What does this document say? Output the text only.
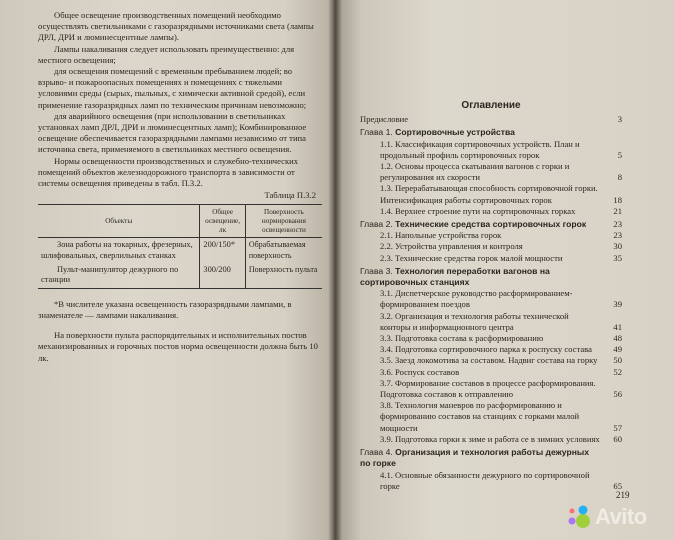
Общее освещение производственных помещений необходимо осуществлять светильниками с газоразрядными источниками света (лампы ДРЛ, ДРИ и люминесцентные лампы).

Лампы накаливания следует использовать преимущественно: для местного освещения;

для освещения помещений с временным пребыванием людей; во взрыво- и пожароопасных помещениях и помещениях с тяжелыми условиями среды (сырых, пыльных, с химически активной средой), если применение газоразрядных ламп по техническим причинам невозможно;

для аварийного освещения (при использовании в светильниках установках ламп ДРЛ, ДРИ и люминесцентных ламп); Комбинированное освещение обеспечивается газоразрядными лампами независимо от типа источника света, применяемого в светильниках местного освещения.

Нормы освещенности производственных и служебно-технических помещений объектов железнодорожного транспорта в зависимости от системы освещения приведены в табл. П.3.2.

Таблица П.3.2

Объекты	Общее освещение, лк	Поверхность нормирования освещенности
Зона работы на токарных, фрезерных, шлифовальных, сверлильных станках	200/150*	Обрабатываемая поверхность
Пульт-манипулятор дежурного по станции	300/200	Поверхность пульта

*В числителе указана освещенность газоразрядными лампами, в знаменателе — лампами накаливания.

На поверхности пульта распорядительных и исполнительных постов механизированных и горочных постов норма освещенности должна быть 10 лк.

Оглавление
Предисловие	3
Глава 1. Сортировочные устройства
1.1. Классификация сортировочных устройств. План и продольный профиль сортировочных горок	5
1.2. Основы процесса скатывания вагонов с горки и регулирования их скорости	8
1.3. Перерабатывающая способность сортировочной горки. Интенсификация работы сортировочных горок	18
1.4. Верхнее строение пути на сортировочных горках	21
Глава 2. Технические средства сортировочных горок	23
2.1. Напольные устройства горок	23
2.2. Устройства управления и контроля	30
2.3. Технические средства горок малой мощности	35
Глава 3. Технология переработки вагонов на сортировочных станциях
3.1. Диспетчерское руководство расформированием-формированием поездов	39
3.2. Организация и технология работы технической конторы и информационного центра	41
3.3. Подготовка состава к расформированию	48
3.4. Подготовка сортировочного парка к роспуску состава	49
3.5. Заезд локомотива за составом. Надвиг состава на горку	50
3.6. Роспуск составов	52
3.7. Формирование составов в процессе расформирования. Подготовка составов к отправлению	56
3.8. Технология маневров по расформированию и формированию составов на станциях с горками малой мощности	57
3.9. Подготовка горки к зиме и работа се в зимних условиях	60
Глава 4. Организация и технология работы дежурных по горке
4.1. Основные обязанности дежурного по сортировочной горке	65
219
Avito
